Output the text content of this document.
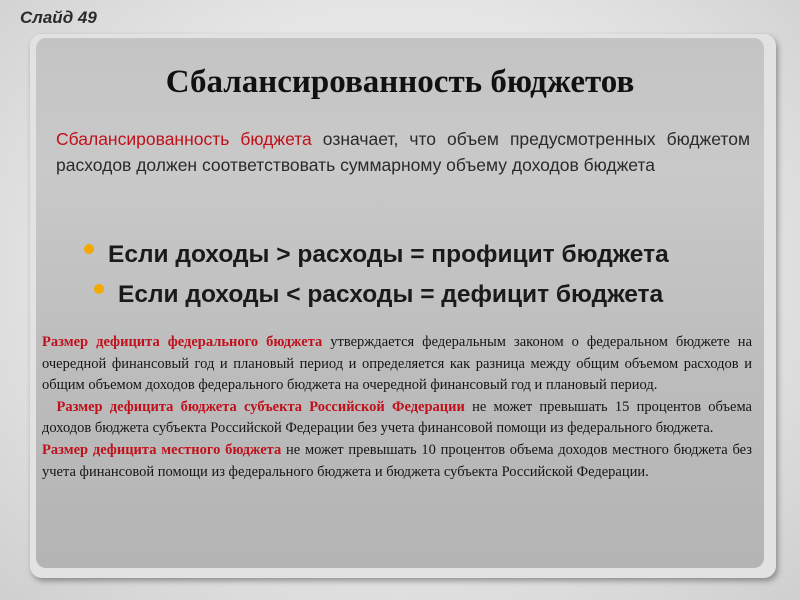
Слайд 49
Сбалансированность бюджетов

Сбалансированность бюджета означает, что объем предусмотренных бюджетом расходов должен соответствовать суммарному объему доходов бюджета

Если доходы > расходы = профицит бюджета
Если доходы < расходы = дефицит бюджета

Размер дефицита федерального бюджета утверждается федеральным законом о федеральном бюджете на очередной финансовый год и плановый период и определяется как разница между общим объемом расходов и общим объемом доходов федерального бюджета на очередной финансовый год и плановый период.

Размер дефицита бюджета субъекта Российской Федерации не может превышать 15 процентов объема доходов бюджета субъекта Российской Федерации без учета финансовой помощи из федерального бюджета.

Размер дефицита местного бюджета не может превышать 10 процентов объема доходов местного бюджета без учета финансовой помощи из федерального бюджета и бюджета субъекта Российской Федерации.
